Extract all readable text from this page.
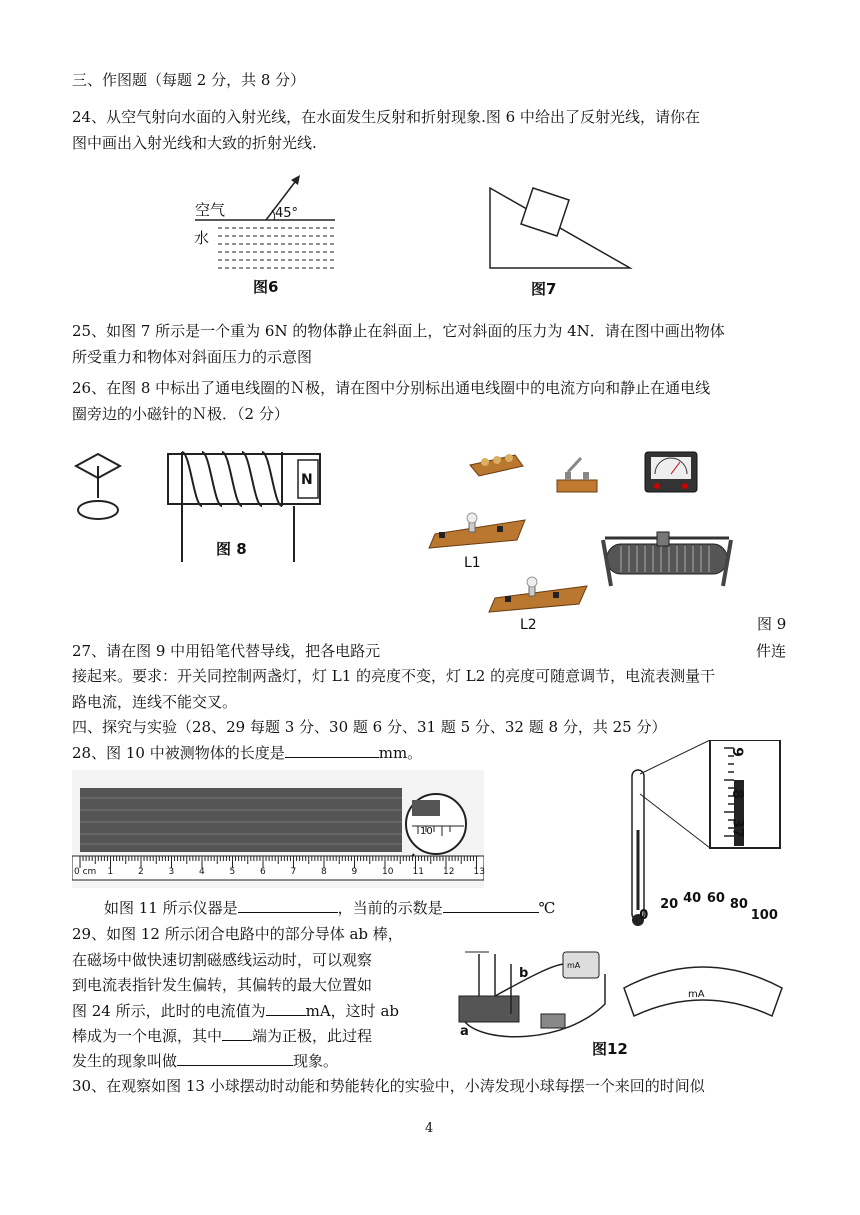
三、作图题（每题 2 分，共 8 分）
24、从空气射向水面的入射光线，在水面发生反射和折射现象.图 6 中给出了反射光线，请你在
图中画出入射光线和大致的折射光线.
空气
水
45°
图6	图7
25、如图 7 所示是一个重为 6N 的物体静止在斜面上，它对斜面的压力为 4N．请在图中画出物体
所受重力和物体对斜面压力的示意图
26、在图 8 中标出了通电线圈的Ｎ极，请在图中分别标出通电线圈中的电流方向和静止在通电线
圈旁边的小磁针的Ｎ极．（2 分）
N
图 8
L1
L2	图 9
27、请在图 9 中用铅笔代替导线，把各电路元	件连
接起来。要求：开关同控制两盏灯，灯 L1 的亮度不变，灯 L2 的亮度可随意调节，电流表测量干
路电流，连线不能交叉。
四、探究与实验（28、29 每题 3 分、30 题 6 分、31 题 5 分、32 题 8 分，共 25 分）
28、图 10 中被测物体的长度是	mm。
10
0 cm 1	2	3	4	5	6	7	8	9	10 11 12 13
9
8
37
如图 11 所示仪器是	，当前的示数是	℃
29、如图 12 所示闭合电路中的部分导体 ab 棒，
在磁场中做快速切割磁感线运动时，可以观察
到电流表指针发生偏转，其偏转的最大位置如
图 24 所示，此时的电流值为	mA，这时 ab
棒成为一个电源，其中 端为正极，此过程
发生的现象叫做	现象。
b
a
mA
图12
0
20 40 60 80
100
mA
30、在观察如图 13 小球摆动时动能和势能转化的实验中，小涛发现小球每摆一个来回的时间似
4
